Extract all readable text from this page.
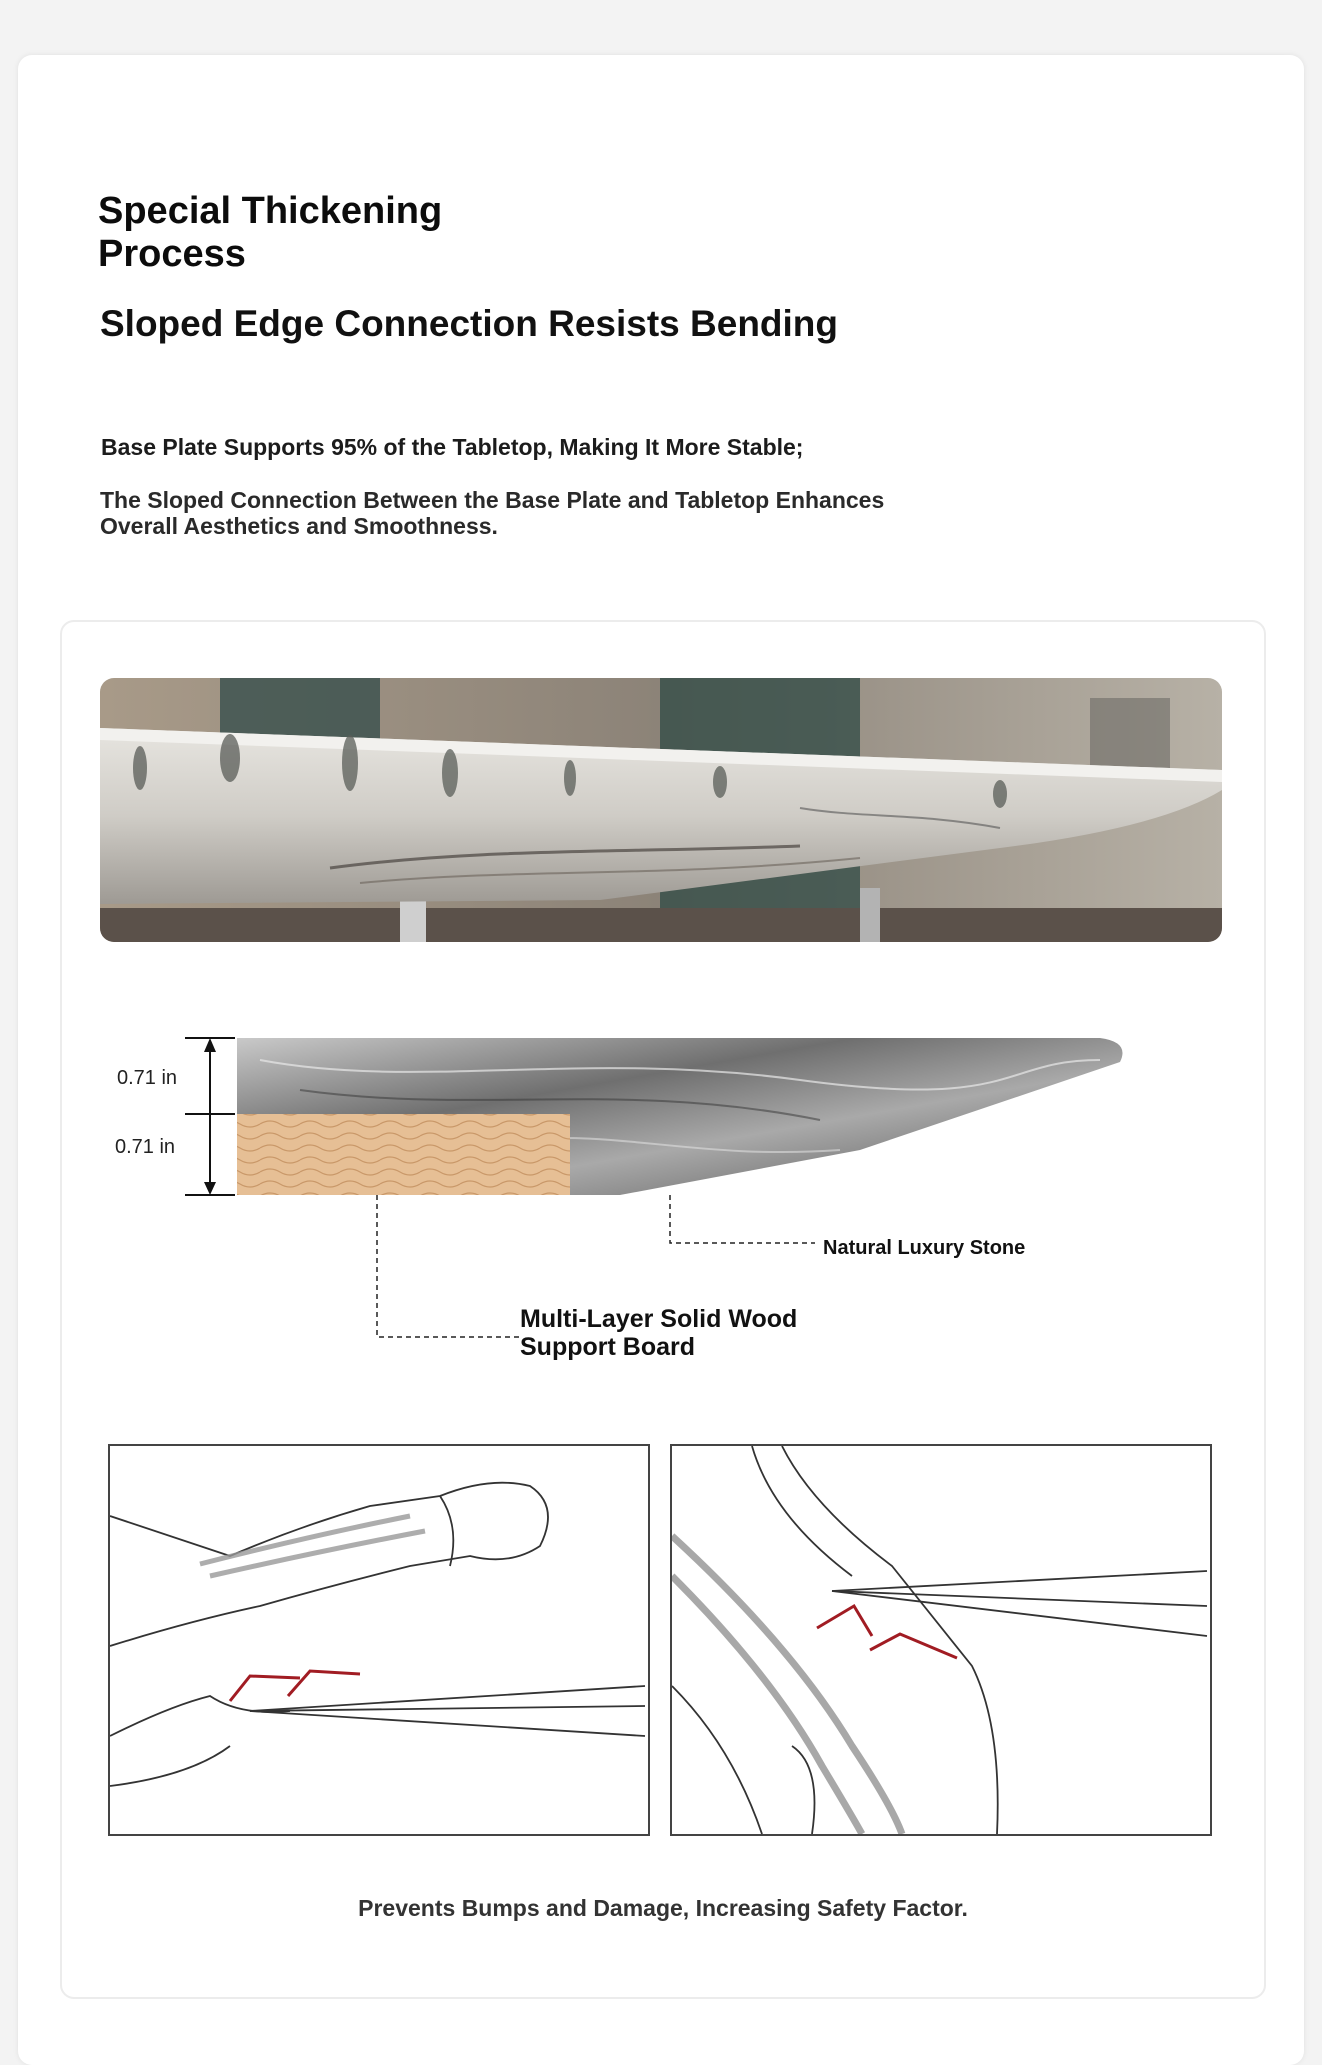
Special Thickening Process
Sloped Edge Connection Resists Bending

Base Plate Supports 95% of the Tabletop, Making It More Stable;

The Sloped Connection Between the Base Plate and Tabletop Enhances Overall Aesthetics and Smoothness.

0.71 in
0.71 in
Natural Luxury Stone
Multi-Layer Solid Wood Support Board
Prevents Bumps and Damage, Increasing Safety Factor.
